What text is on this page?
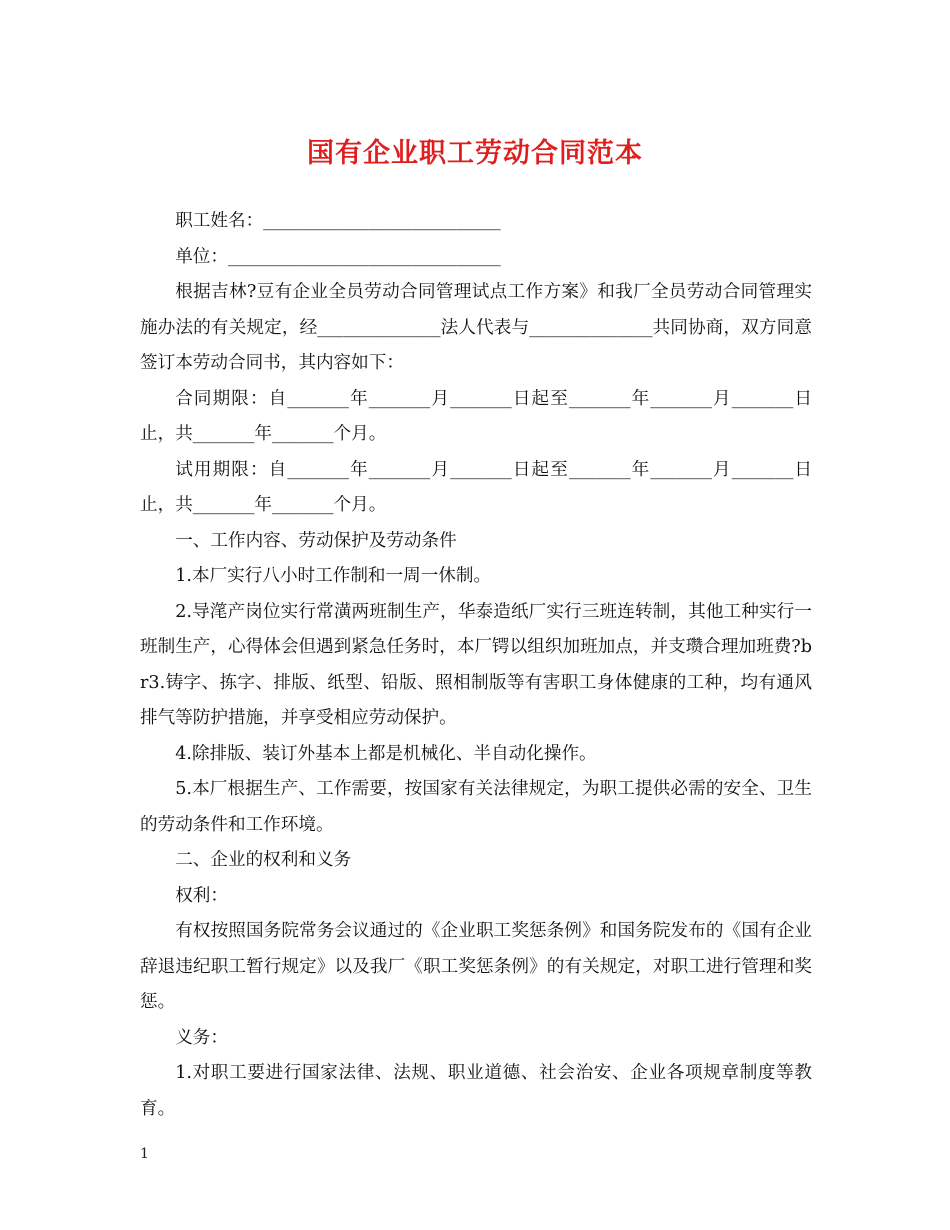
国有企业职工劳动合同范本

职工姓名：___________________________

单位：_______________________________

根据吉林?豆有企业全员劳动合同管理试点工作方案》和我厂全员劳动合同管理实施办法的有关规定，经______________法人代表与______________共同协商，双方同意签订本劳动合同书，其内容如下：

合同期限：自_______年_______月_______日起至_______年_______月_______日止，共_______年_______个月。

试用期限：自_______年_______月_______日起至_______年_______月_______日止，共_______年_______个月。

一、工作内容、劳动保护及劳动条件

1.本厂实行八小时工作制和一周一休制。

2.导滗产岗位实行常潢两班制生产，华泰造纸厂实行三班连转制，其他工种实行一班制生产，心得体会但遇到紧急任务时，本厂锷以组织加班加点，并支瓒合理加班费?br3.铸字、拣字、排版、纸型、铅版、照相制版等有害职工身体健康的工种，均有通风排气等防护措施，并享受相应劳动保护。

4.除排版、装订外基本上都是机械化、半自动化操作。

5.本厂根据生产、工作需要，按国家有关法律规定，为职工提供必需的安全、卫生的劳动条件和工作环境。

二、企业的权利和义务

权利：

有权按照国务院常务会议通过的《企业职工奖惩条例》和国务院发布的《国有企业辞退违纪职工暂行规定》以及我厂《职工奖惩条例》的有关规定，对职工进行管理和奖惩。

义务：

1.对职工要进行国家法律、法规、职业道德、社会治安、企业各项规章制度等教育。

1
